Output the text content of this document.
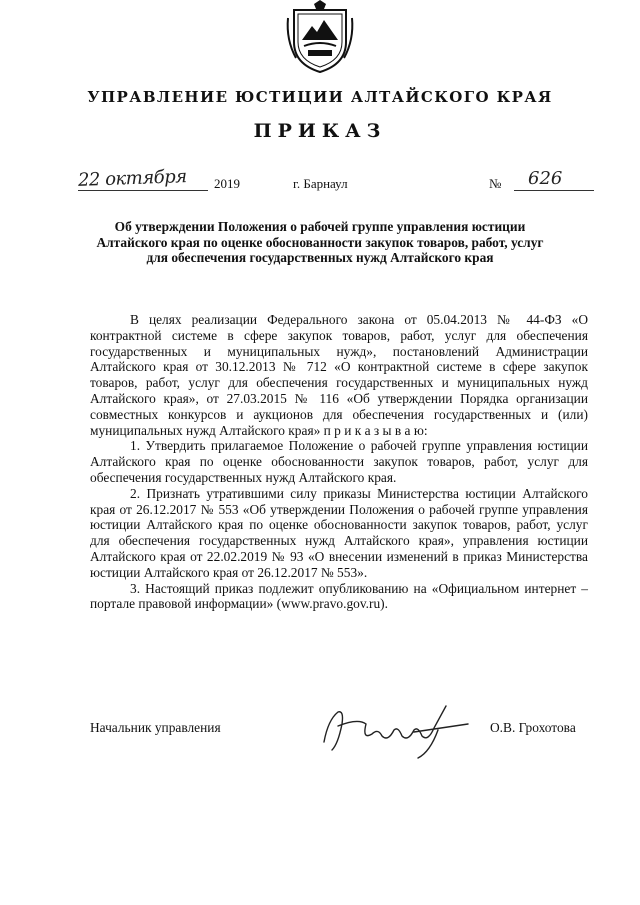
УПРАВЛЕНИЕ ЮСТИЦИИ АЛТАЙСКОГО КРАЯ
ПРИКАЗ
22 октября 2019	г. Барнаул	№ 626
Об утверждении Положения о рабочей группе управления юстиции Алтайского края по оценке обоснованности закупок товаров, работ, услуг для обеспечения государственных нужд Алтайского края

В целях реализации Федерального закона от 05.04.2013 № 44-ФЗ «О контрактной системе в сфере закупок товаров, работ, услуг для обеспечения государственных и муниципальных нужд», постановлений Администрации Алтайского края от 30.12.2013 № 712 «О контрактной системе в сфере закупок товаров, работ, услуг для обеспечения государственных и муниципальных нужд Алтайского края», от 27.03.2015 № 116 «Об утверждении Порядка организации совместных конкурсов и аукционов для обеспечения государственных и (или) муниципальных нужд Алтайского края» п р и к а з ы в а ю:

1. Утвердить прилагаемое Положение о рабочей группе управления юстиции Алтайского края по оценке обоснованности закупок товаров, работ, услуг для обеспечения государственных нужд Алтайского края.

2. Признать утратившими силу приказы Министерства юстиции Алтайского края от 26.12.2017 № 553 «Об утверждении Положения о рабочей группе управления юстиции Алтайского края по оценке обоснованности закупок товаров, работ, услуг для обеспечения государственных нужд Алтайского края», управления юстиции Алтайского края от 22.02.2019 № 93 «О внесении изменений в приказ Министерства юстиции Алтайского края от 26.12.2017 № 553».

3. Настоящий приказ подлежит опубликованию на «Официальном интернет – портале правовой информации» (www.pravo.gov.ru).

Начальник управления	О.В. Грохотова
